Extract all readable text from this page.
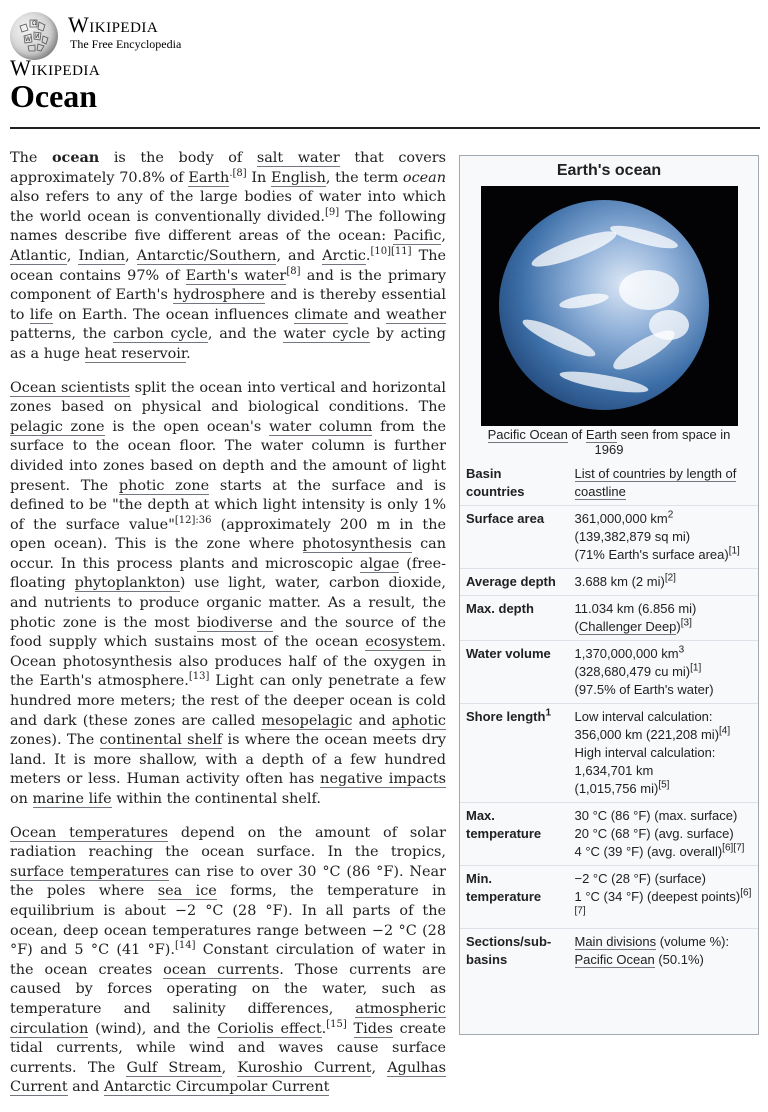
Ω
W И Wikipedia
The Free Encyclopedia
Wikipedia
Ocean

The ocean is the body of salt water that covers approximately 70.8% of Earth$^{.[8]}$ In English, the term ocean also refers to any of the large bodies of water into which the world ocean is conventionally divided.[9] The following names describe five different areas of the ocean: Pacific, Atlantic, Indian, Antarctic/Southern, and Arctic.[10][11] The ocean contains 97% of Earth's water[8] and is the primary component of Earth's hydrosphere and is thereby essential to life on Earth. The ocean influences climate and weather patterns, the carbon cycle, and the water cycle by acting as a huge heat reservoir.

Ocean scientists split the ocean into vertical and horizontal zones based on physical and biological conditions. The pelagic zone is the open ocean's water column from the surface to the ocean floor. The water column is further divided into zones based on depth and the amount of light present. The photic zone starts at the surface and is defined to be "the depth at which light intensity is only 1% of the surface value"$^{[12]:36}$ (approximately 200 m in the open ocean). This is the zone where photosynthesis can occur. In this process plants and microscopic algae (free-floating phytoplankton) use light, water, carbon dioxide, and nutrients to produce organic matter. As a result, the photic zone is the most biodiverse and the source of the food supply which sustains most of the ocean ecosystem. Ocean photosynthesis also produces half of the oxygen in the Earth's atmosphere.[13] Light can only penetrate a few hundred more meters; the rest of the deeper ocean is cold and dark (these zones are called mesopelagic and aphotic zones). The continental shelf is where the ocean meets dry land. It is more shallow, with a depth of a few hundred meters or less. Human activity often has negative impacts on marine life within the continental shelf.

Ocean temperatures depend on the amount of solar radiation reaching the ocean surface. In the tropics, surface temperatures can rise to over 30 °C (86 °F). Near the poles where sea ice forms, the temperature in equilibrium is about −2 °C (28 °F). In all parts of the ocean, deep ocean temperatures range between −2 °C (28 °F) and 5 °C (41 °F).[14] Constant circulation of water in the ocean creates ocean currents. Those currents are caused by forces operating on the water, such as temperature and salinity differences, atmospheric circulation (wind), and the Coriolis effect.[15] Tides create tidal currents, while wind and waves cause surface currents. The Gulf Stream, Kuroshio Current, Agulhas Current and Antarctic Circumpolar Current

Earth's ocean
Pacific Ocean of Earth seen from space in 1969
Basin countries	List of countries by length of coastline

Surface area	361,000,000 $km^2$
(139,382,879 sq mi)
(71% Earth's surface area)[1]

Average depth	3.688 km (2 mi)[2]

Max. depth	11.034 km (6.856 mi)
(Challenger Deep)[3]

Water volume	1,370,000,000 $km^3$
(328,680,479 cu mi)[1]
(97.5% of Earth's water)

Shore length$^1$	Low interval calculation:
356,000 km (221,208 mi)[4]
High interval calculation:
1,634,701 km
(1,015,756 mi)[5]

Max. temperature	30 °C (86 °F) (max. surface)
20 °C (68 °F) (avg. surface)
4 °C (39 °F) (avg. overall)[6][7]

Min. temperature	−2 °C (28 °F) (surface)
1 °C (34 °F) (deepest points)[6][7]

Sections/sub-basins	Main divisions (volume %):
Pacific Ocean (50.1%)
